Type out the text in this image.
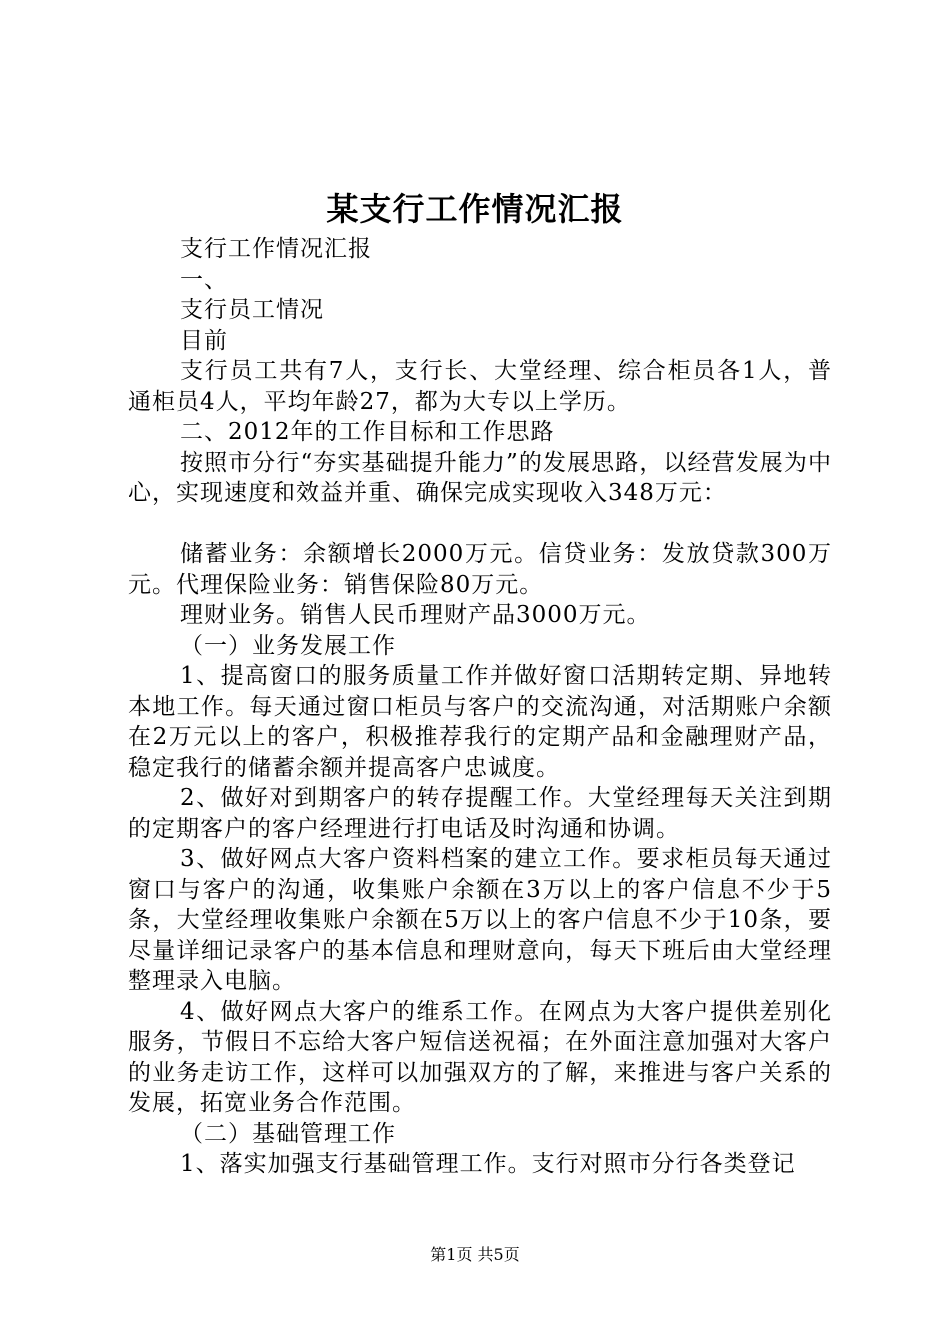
某支行工作情况汇报

支行工作情况汇报

一、

支行员工情况

目前

支行员工共有7人，支行长、大堂经理、综合柜员各1人，普通柜员4人，平均年龄27，都为大专以上学历。

二、2012年的工作目标和工作思路

按照市分行“夯实基础提升能力”的发展思路，以经营发展为中心，实现速度和效益并重、确保完成实现收入348万元：

储蓄业务：余额增长2000万元。信贷业务：发放贷款300万元。代理保险业务：销售保险80万元。

理财业务。销售人民币理财产品3000万元。

（一）业务发展工作

1、提高窗口的服务质量工作并做好窗口活期转定期、异地转本地工作。每天通过窗口柜员与客户的交流沟通，对活期账户余额在2万元以上的客户，积极推荐我行的定期产品和金融理财产品，稳定我行的储蓄余额并提高客户忠诚度。

2、做好对到期客户的转存提醒工作。大堂经理每天关注到期的定期客户的客户经理进行打电话及时沟通和协调。

3、做好网点大客户资料档案的建立工作。要求柜员每天通过窗口与客户的沟通，收集账户余额在3万以上的客户信息不少于5条，大堂经理收集账户余额在5万以上的客户信息不少于10条，要尽量详细记录客户的基本信息和理财意向，每天下班后由大堂经理整理录入电脑。

4、做好网点大客户的维系工作。在网点为大客户提供差别化服务，节假日不忘给大客户短信送祝福；在外面注意加强对大客户的业务走访工作，这样可以加强双方的了解，来推进与客户关系的发展，拓宽业务合作范围。

（二）基础管理工作

1、落实加强支行基础管理工作。支行对照市分行各类登记

第1页 共5页
